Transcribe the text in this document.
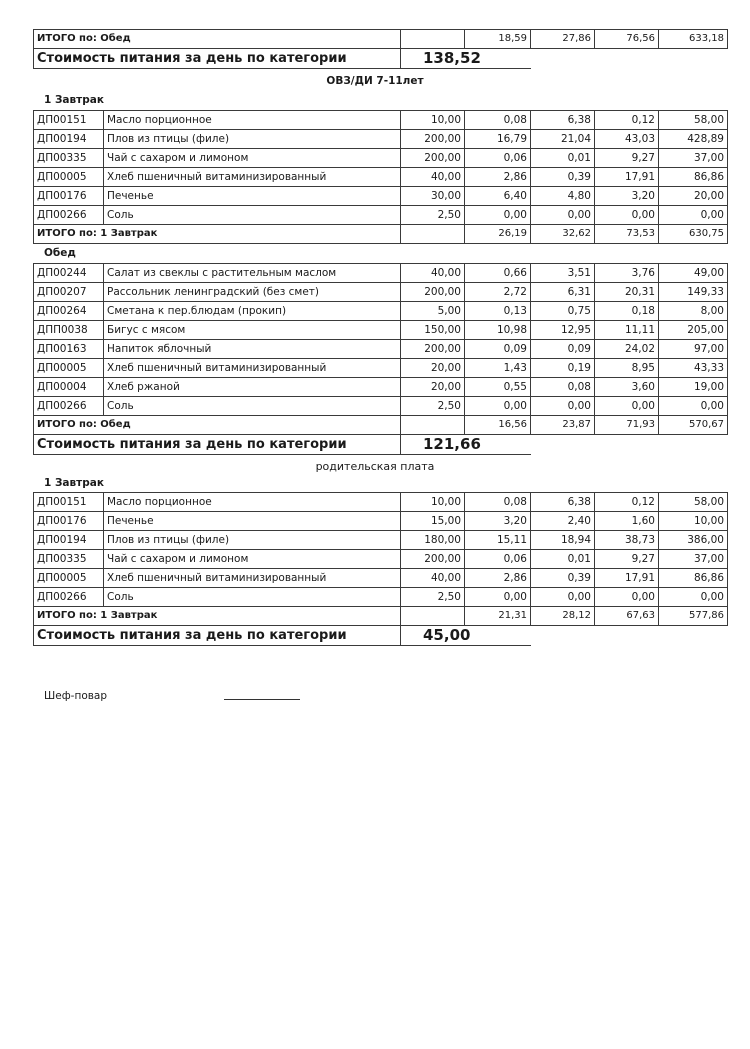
ИТОГО по: Обед		18,59	27,86	76,56	633,18
Стоимость питания за день по категории	138,52				
ОВЗ/ДИ 7-11лет
1 Завтрак
ДП00151	Масло порционное	10,00	0,08	6,38	0,12	58,00
ДП00194	Плов из птицы (филе)	200,00	16,79	21,04	43,03	428,89
ДП00335	Чай с сахаром и лимоном	200,00	0,06	0,01	9,27	37,00
ДП00005	Хлеб пшеничный витаминизированный	40,00	2,86	0,39	17,91	86,86
ДП00176	Печенье	30,00	6,40	4,80	3,20	20,00
ДП00266	Соль	2,50	0,00	0,00	0,00	0,00
ИТОГО по: 1 Завтрак			26,19	32,62	73,53	630,75
Обед
ДП00244	Салат из свеклы с растительным маслом	40,00	0,66	3,51	3,76	49,00
ДП00207	Рассольник ленинградский (без смет)	200,00	2,72	6,31	20,31	149,33
ДП00264	Сметана к пер.блюдам (прокип)	5,00	0,13	0,75	0,18	8,00
ДПП0038	Бигус с мясом	150,00	10,98	12,95	11,11	205,00
ДП00163	Напиток яблочный	200,00	0,09	0,09	24,02	97,00
ДП00005	Хлеб пшеничный витаминизированный	20,00	1,43	0,19	8,95	43,33
ДП00004	Хлеб ржаной	20,00	0,55	0,08	3,60	19,00
ДП00266	Соль	2,50	0,00	0,00	0,00	0,00
ИТОГО по: Обед			16,56	23,87	71,93	570,67
Стоимость питания за день по категории		121,66				
родительская плата
1 Завтрак
ДП00151	Масло порционное	10,00	0,08	6,38	0,12	58,00
ДП00176	Печенье	15,00	3,20	2,40	1,60	10,00
ДП00194	Плов из птицы (филе)	180,00	15,11	18,94	38,73	386,00
ДП00335	Чай с сахаром и лимоном	200,00	0,06	0,01	9,27	37,00
ДП00005	Хлеб пшеничный витаминизированный	40,00	2,86	0,39	17,91	86,86
ДП00266	Соль	2,50	0,00	0,00	0,00	0,00
ИТОГО по: 1 Завтрак			21,31	28,12	67,63	577,86
Стоимость питания за день по категории		45,00				
Шеф-повар
